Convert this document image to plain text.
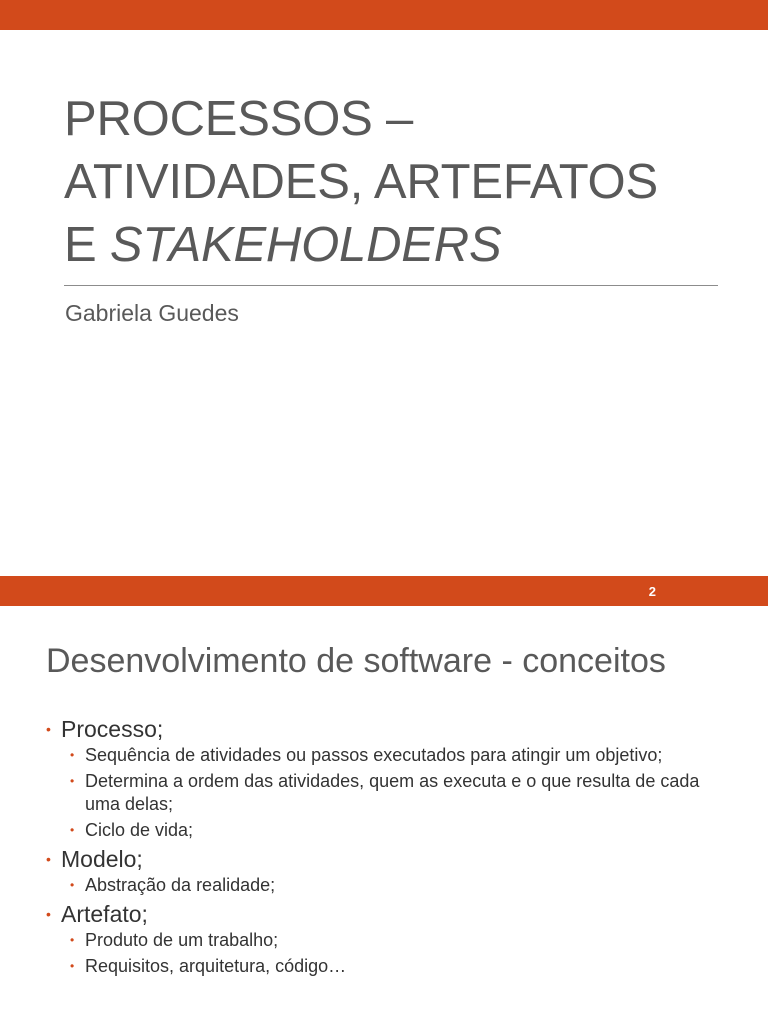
PROCESSOS –
ATIVIDADES, ARTEFATOS
E STAKEHOLDERS
Gabriela Guedes
2
Desenvolvimento de software - conceitos
• Processo;
• Sequência de atividades ou passos executados para atingir um objetivo;
• Determina a ordem das atividades, quem as executa e o que resulta de cada uma delas;
• Ciclo de vida;
• Modelo;
• Abstração da realidade;
• Artefato;
• Produto de um trabalho;
• Requisitos, arquitetura, código…
